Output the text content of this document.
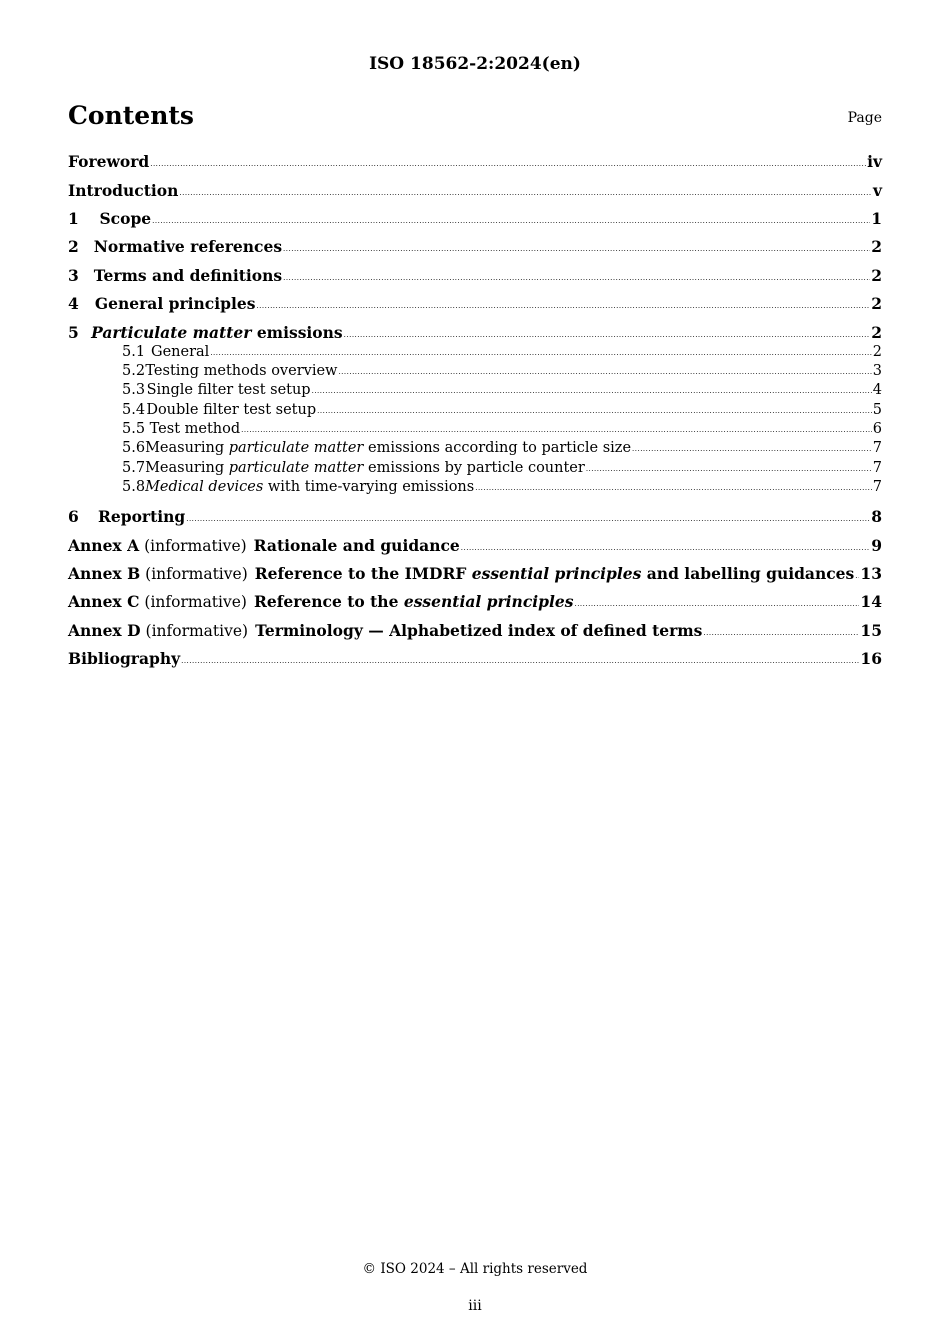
ISO 18562-2:2024(en)
Contents	Page
Foreword .....	iv
Introduction .....	v
1	Scope .....	1
2 Normative references .....	2
3 Terms and definitions .....	2
4	General principles .....	2
5 Particulate matter emissions .....	2
5.1 General .....	2
5.2 Testing methods overview .....	3
5.3 Single filter test setup .....	4
5.4 Double filter test setup .....	5
5.5 Test method .....	6
5.6 Measuring particulate matter emissions according to particle size .....	7
5.7 Measuring particulate matter emissions by particle counter .....	7
5.8 Medical devices with time-varying emissions .....	7
6	Reporting .....	8
Annex A (informative) Rationale and guidance .....	9
Annex B (informative) Reference to the IMDRF essential principles and labelling guidances ..... 13
Annex C (informative) Reference to the essential principles .....	14
Annex D (informative) Terminology — Alphabetized index of defined terms .....	15
Bibliography .....	16
© ISO 2024 – All rights reserved
iii
